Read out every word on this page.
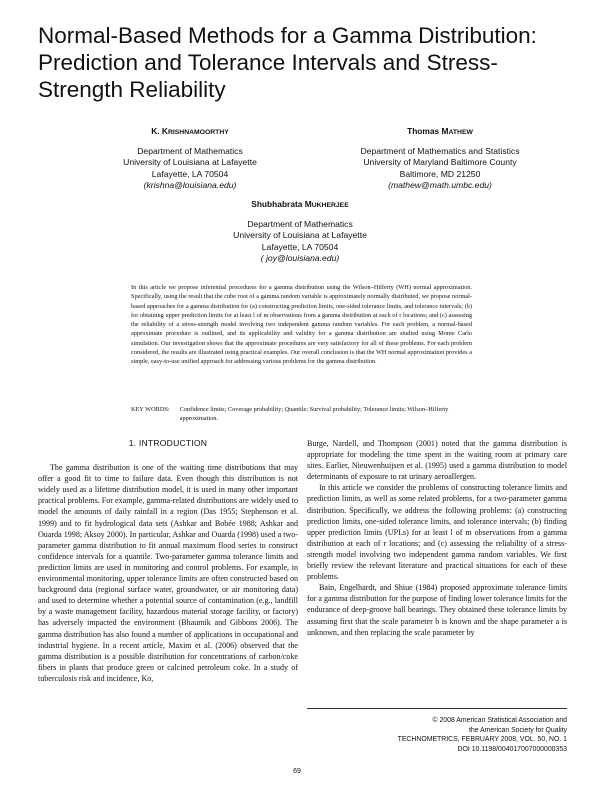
Normal-Based Methods for a Gamma Distribution: Prediction and Tolerance Intervals and Stress-Strength Reliability
K. KRISHNAMOORTHY
Department of Mathematics
University of Louisiana at Lafayette
Lafayette, LA 70504
(krishna@louisiana.edu)
Thomas MATHEW
Department of Mathematics and Statistics
University of Maryland Baltimore County
Baltimore, MD 21250
(mathew@math.umbc.edu)
Shubhabrata MUKHERJEE
Department of Mathematics
University of Louisiana at Lafayette
Lafayette, LA 70504
( joy@louisiana.edu)
In this article we propose inferential procedures for a gamma distribution using the Wilson–Hilferty (WH) normal approximation. Specifically, using the result that the cube root of a gamma random variable is approximately normally distributed, we propose normal-based approaches for a gamma distribution for (a) constructing prediction limits, one-sided tolerance limits, and tolerance intervals; (b) for obtaining upper prediction limits for at least l of m observations from a gamma distribution at each of r locations; and (c) assessing the reliability of a stress-strength model involving two independent gamma random variables. For each problem, a normal-based approximate procedure is outlined, and its applicability and validity for a gamma distribution are studied using Monte Carlo simulation. Our investigation shows that the approximate procedures are very satisfactory for all of these problems. For each problem considered, the results are illustrated using practical examples. Our overall conclusion is that the WH normal approximation provides a simple, easy-to-use unified approach for addressing various problems for the gamma distribution.
KEY WORDS: Confidence limits; Coverage probability; Quantile; Survival probability; Tolerance limits; Wilson–Hilferty approximation.
1. INTRODUCTION

The gamma distribution is one of the waiting time distributions that may offer a good fit to time to failure data. Even though this distribution is not widely used as a lifetime distribution model, it is used in many other important practical problems. For example, gamma-related distributions are widely used to model the amounts of daily rainfall in a region (Das 1955; Stephenson et al. 1999) and to fit hydrological data sets (Ashkar and Bobée 1988; Ashkar and Ouarda 1998; Aksoy 2000). In particular, Ashkar and Ouarda (1998) used a two-parameter gamma distribution to fit annual maximum flood series to construct confidence intervals for a quantile. Two-parameter gamma tolerance limits and prediction limits are used in monitoring and control problems. For example, in environmental monitoring, upper tolerance limits are often constructed based on background data (regional surface water, groundwater, or air monitoring data) and used to determine whether a potential source of contamination (e.g., landfill by a waste management facility, hazardous material storage facility, or factory) has adversely impacted the environment (Bhaumik and Gibbons 2006). The gamma distribution has also found a number of applications in occupational and industrial hygiene. In a recent article, Maxim et al. (2006) observed that the gamma distribution is a possible distribution for concentrations of carbon/coke fibers in plants that produce green or calcined petroleum coke. In a study of tuberculosis risk and incidence, Ko,

Burge, Nardell, and Thompson (2001) noted that the gamma distribution is appropriate for modeling the time spent in the waiting room at primary care sites. Earlier, Nieuwenhuijsen et al. (1995) used a gamma distribution to model determinants of exposure to rat urinary aeroallergen.

In this article we consider the problems of constructing tolerance limits and prediction limits, as well as some related problems, for a two-parameter gamma distribution. Specifically, we address the following problems: (a) constructing prediction limits, one-sided tolerance limits, and tolerance intervals; (b) finding upper prediction limits (UPLs) for at least l of m observations from a gamma distribution at each of r locations; and (c) assessing the reliability of a stress-strength model involving two independent gamma random variables. We first briefly review the relevant literature and practical situations for each of these problems.

Bain, Engelhardt, and Shiue (1984) proposed approximate tolerance limits for a gamma distribution for the purpose of finding lower tolerance limits for the endurance of deep-groove ball bearings. They obtained these tolerance limits by assuming first that the scale parameter b is known and the shape parameter a is unknown, and then replacing the scale parameter by

© 2008 American Statistical Association and
the American Society for Quality
TECHNOMETRICS, FEBRUARY 2008, VOL. 50, NO. 1
DOI 10.1198/004017007000000353
69
